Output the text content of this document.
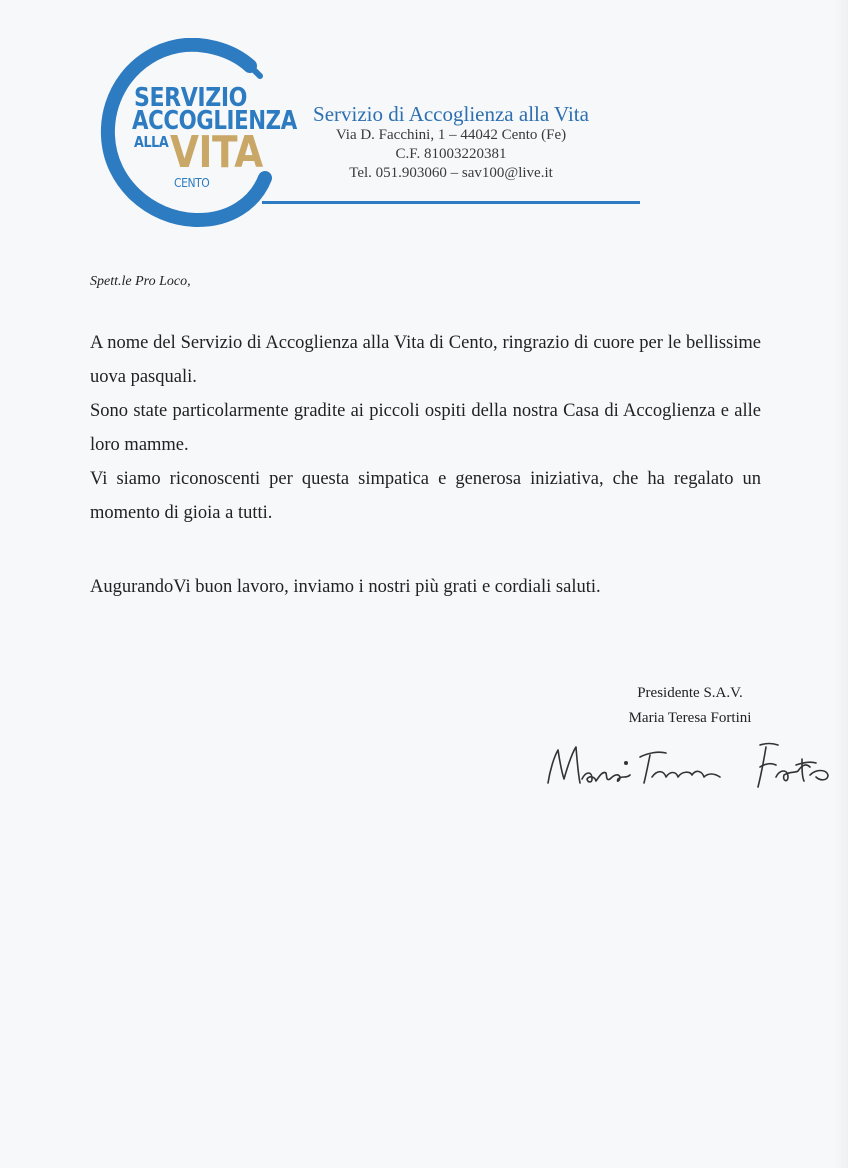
SERVIZIO
ACCOGLIENZA
ALLA VITA
CENTO

Servizio di Accoglienza alla Vita

Via D. Facchini, 1 – 44042 Cento (Fe)

C.F. 81003220381

Tel. 051.903060 – sav100@live.it

Spett.le Pro Loco,

A nome del Servizio di Accoglienza alla Vita di Cento, ringrazio di cuore per le bellissime uova pasquali.

Sono state particolarmente gradite ai piccoli ospiti della nostra Casa di Accoglienza e alle loro mamme.

Vi siamo riconoscenti per questa simpatica e generosa iniziativa, che ha regalato un momento di gioia a tutti.

AugurandoVi buon lavoro, inviamo i nostri più grati e cordiali saluti.

Presidente S.A.V.

Maria Teresa Fortini
